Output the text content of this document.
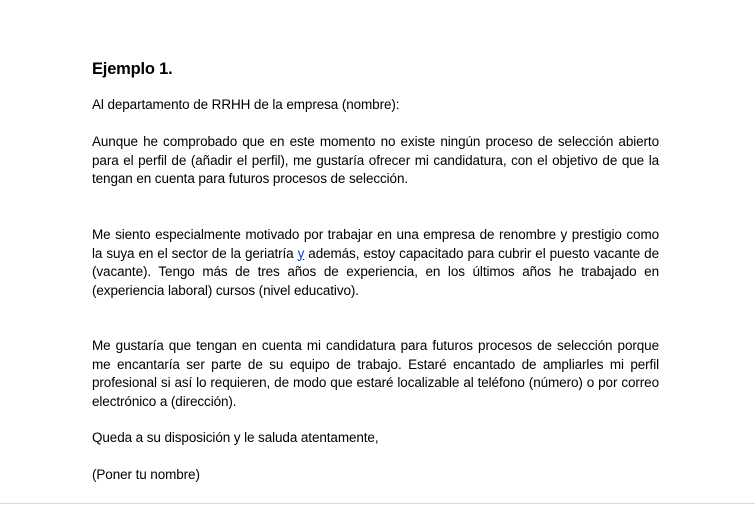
Ejemplo 1.

Al departamento de RRHH de la empresa (nombre):

Aunque he comprobado que en este momento no existe ningún proceso de selección abierto para el perfil de (añadir el perfil), me gustaría ofrecer mi candidatura, con el objetivo de que la tengan en cuenta para futuros procesos de selección.

Me siento especialmente motivado por trabajar en una empresa de renombre y prestigio como la suya en el sector de la geriatría y además, estoy capacitado para cubrir el puesto vacante de (vacante). Tengo más de tres años de experiencia, en los últimos años he trabajado en (experiencia laboral) cursos (nivel educativo).

Me gustaría que tengan en cuenta mi candidatura para futuros procesos de selección porque me encantaría ser parte de su equipo de trabajo. Estaré encantado de ampliarles mi perfil profesional si así lo requieren, de modo que estaré localizable al teléfono (número) o por correo electrónico a (dirección).

Queda a su disposición y le saluda atentamente,

(Poner tu nombre)
